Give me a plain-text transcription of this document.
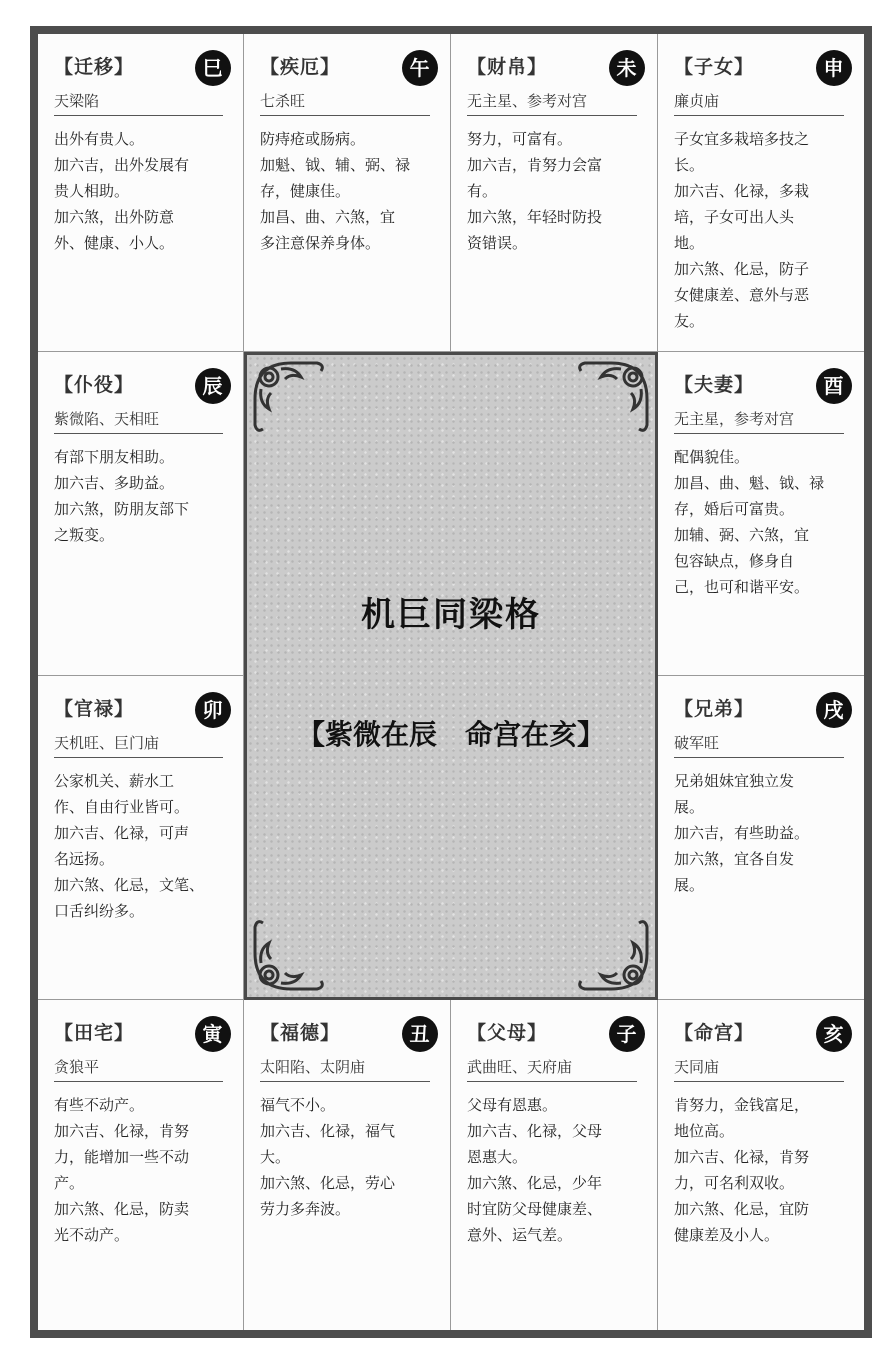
【迁移】	巳
天梁陷
出外有贵人。
加六吉，出外发展有
贵人相助。
加六煞，出外防意
外、健康、小人。
【疾厄】	午
七杀旺
防痔疮或肠病。
加魁、钺、辅、弼、禄
存，健康佳。
加昌、曲、六煞，宜
多注意保养身体。
【财帛】	未
无主星、参考对宫
努力，可富有。
加六吉，肯努力会富
有。
加六煞，年轻时防投
资错误。
【子女】	申
廉贞庙
子女宜多栽培多技之
长。
加六吉、化禄，多栽
培，子女可出人头
地。
加六煞、化忌，防子
女健康差、意外与恶
友。
【仆役】	辰
紫微陷、天相旺
有部下朋友相助。
加六吉、多助益。
加六煞，防朋友部下
之叛变。
【官禄】	卯
天机旺、巨门庙
公家机关、薪水工
作、自由行业皆可。
加六吉、化禄，可声
名远扬。
加六煞、化忌，文笔、
口舌纠纷多。
【夫妻】	酉
无主星，参考对宫
配偶貌佳。
加昌、曲、魁、钺、禄
存，婚后可富贵。
加辅、弼、六煞，宜
包容缺点，修身自
己，也可和谐平安。
【兄弟】	戌
破军旺
兄弟姐妹宜独立发
展。
加六吉，有些助益。
加六煞，宜各自发
展。
机巨同梁格
【紫微在辰　命宫在亥】
【田宅】	寅
贪狼平
有些不动产。
加六吉、化禄，肯努
力，能增加一些不动
产。
加六煞、化忌，防卖
光不动产。
【福德】	丑
太阳陷、太阴庙
福气不小。
加六吉、化禄，福气
大。
加六煞、化忌，劳心
劳力多奔波。
【父母】	子
武曲旺、天府庙
父母有恩惠。
加六吉、化禄，父母
恩惠大。
加六煞、化忌，少年
时宜防父母健康差、
意外、运气差。
【命宫】	亥
天同庙
肯努力，金钱富足，
地位高。
加六吉、化禄，肯努
力，可名利双收。
加六煞、化忌，宜防
健康差及小人。
